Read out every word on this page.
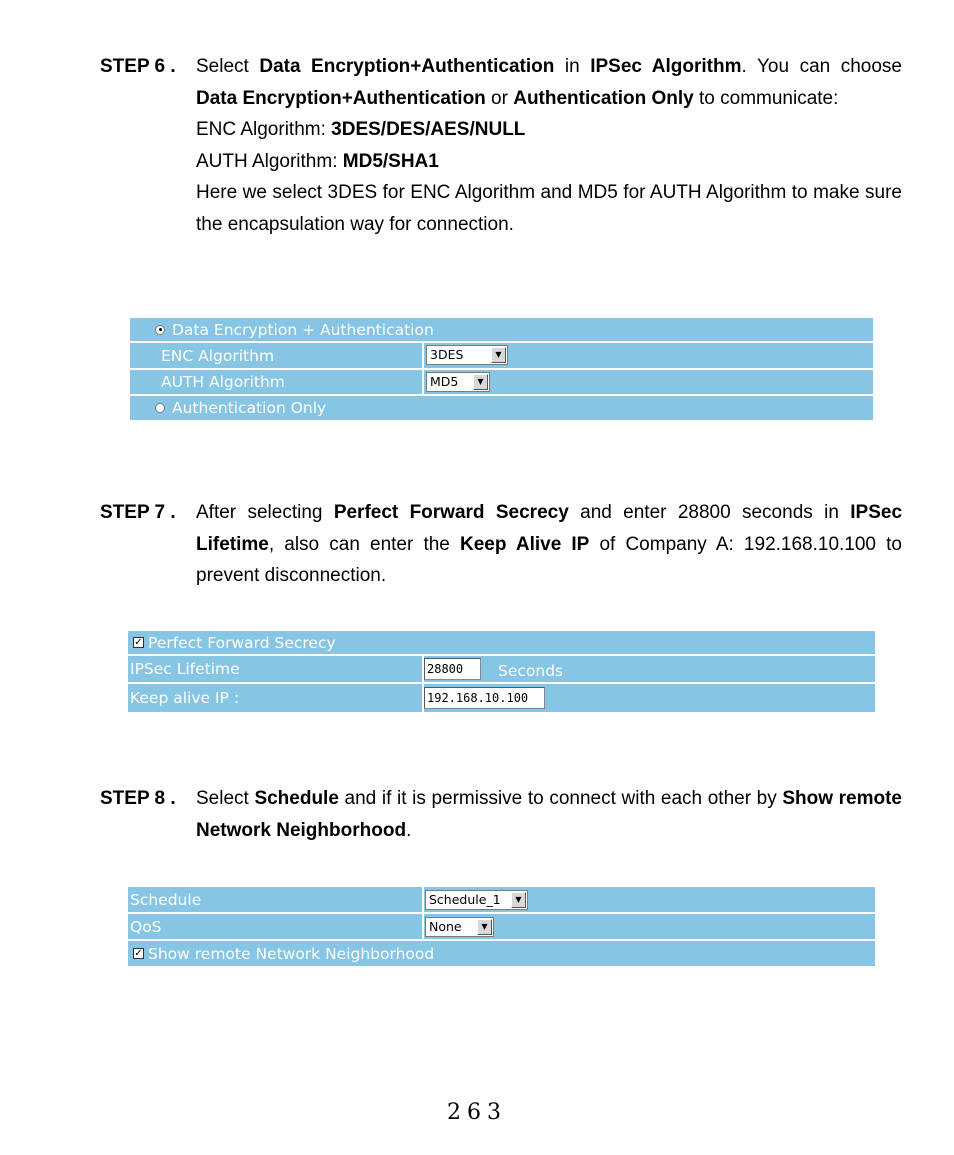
STEP 6 . Select Data Encryption+Authentication in IPSec Algorithm. You can choose Data Encryption+Authentication or Authentication Only to communicate:
ENC Algorithm: 3DES/DES/AES/NULL
AUTH Algorithm: MD5/SHA1
Here we select 3DES for ENC Algorithm and MD5 for AUTH Algorithm to make sure the encapsulation way for connection.
Data Encryption + Authentication
ENC Algorithm	3DES	▼
AUTH Algorithm	MD5	▼
Authentication Only
STEP 7 . After selecting Perfect Forward Secrecy and enter 28800 seconds in IPSec Lifetime, also can enter the Keep Alive IP of Company A: 192.168.10.100 to prevent disconnection.
✓ Perfect Forward Secrecy
IPSec Lifetime	28800	Seconds
Keep alive IP :	192.168.10.100
STEP 8 . Select Schedule and if it is permissive to connect with each other by Show remote Network Neighborhood.
Schedule	Schedule_1	▼
QoS	None	▼
✓ Show remote Network Neighborhood
263
